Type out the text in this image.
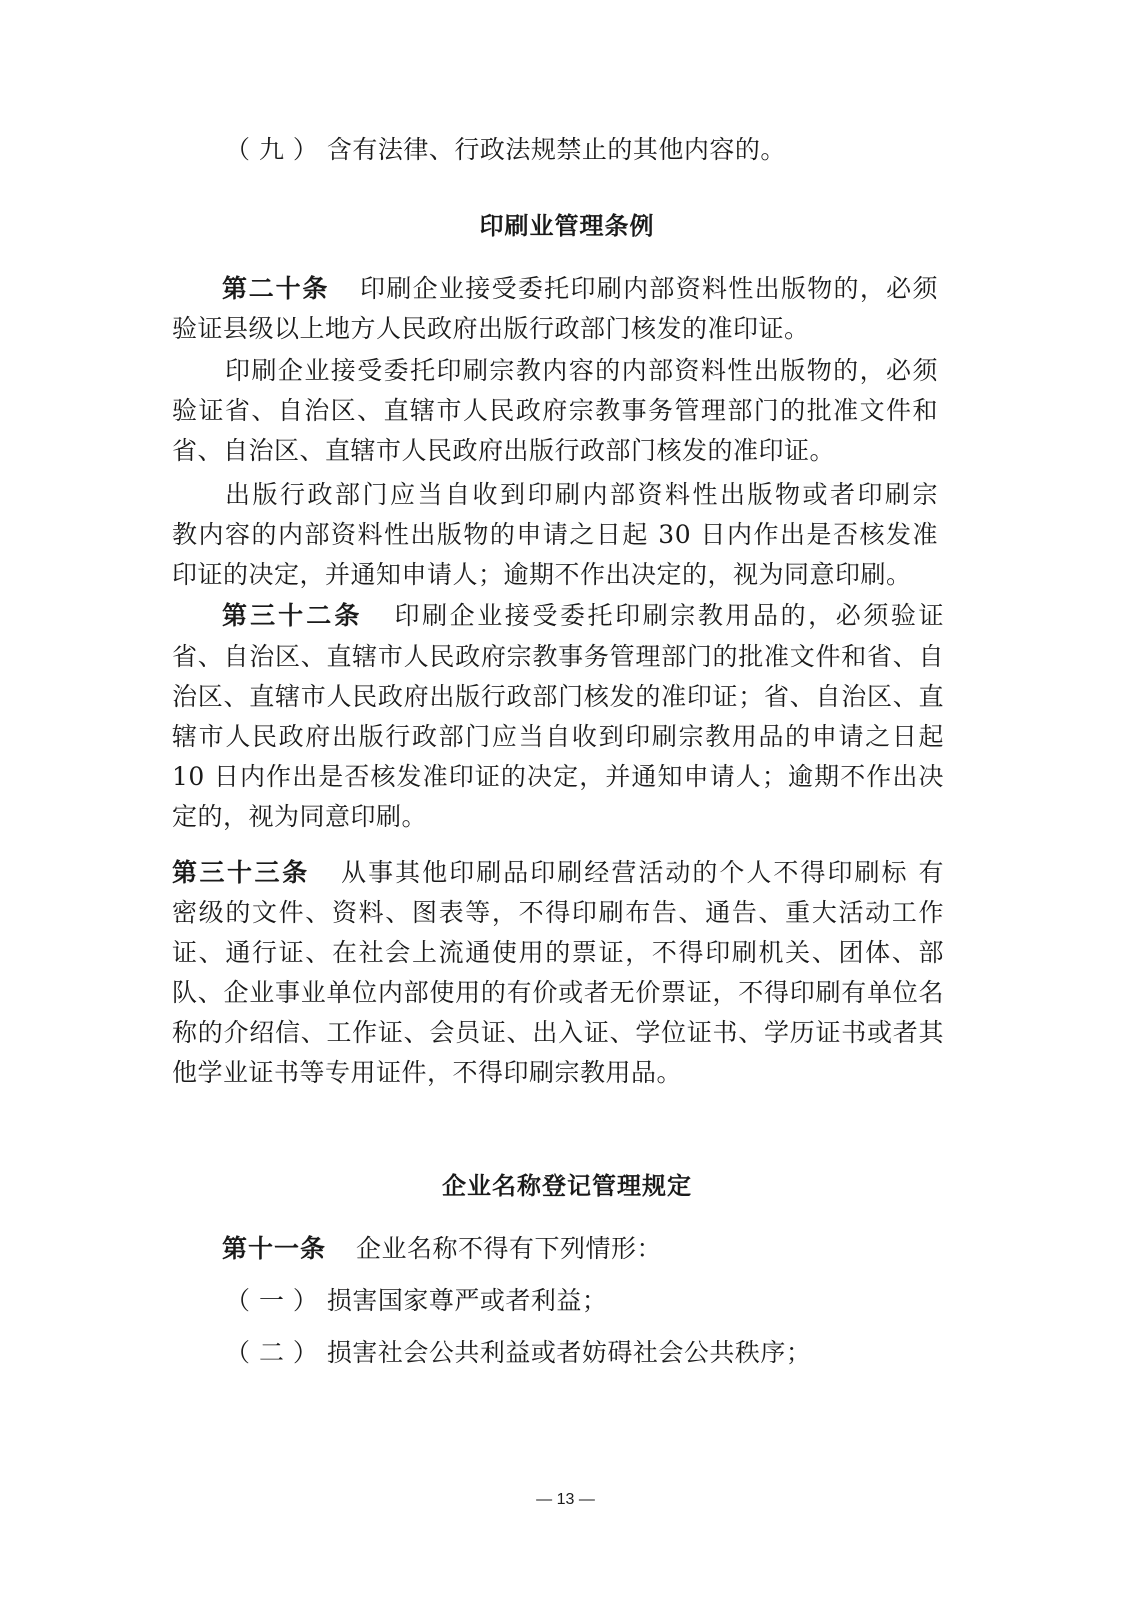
（ 九 ） 含有法律、行政法规禁止的其他内容的。
印刷业管理条例
第二十条 印刷企业接受委托印刷内部资料性出版物的，必须
验证县级以上地方人民政府出版行政部门核发的准印证。
印刷企业接受委托印刷宗教内容的内部资料性出版物的，必须
验证省、自治区、直辖市人民政府宗教事务管理部门的批准文件和
省、自治区、直辖市人民政府出版行政部门核发的准印证。
出版行政部门应当自收到印刷内部资料性出版物或者印刷宗
教内容的内部资料性出版物的申请之日起 30 日内作出是否核发准
印证的决定，并通知申请人；逾期不作出决定的，视为同意印刷。
第三十二条 印刷企业接受委托印刷宗教用品的，必须验证
省、自治区、直辖市人民政府宗教事务管理部门的批准文件和省、自
治区、直辖市人民政府出版行政部门核发的准印证；省、自治区、直
辖市人民政府出版行政部门应当自收到印刷宗教用品的申请之日起
10 日内作出是否核发准印证的决定，并通知申请人；逾期不作出决
定的，视为同意印刷。
第三十三条 从事其他印刷品印刷经营活动的个人不得印刷标 有
密级的文件、资料、图表等，不得印刷布告、通告、重大活动工作
证、通行证、在社会上流通使用的票证，不得印刷机关、团体、部
队、企业事业单位内部使用的有价或者无价票证，不得印刷有单位名
称的介绍信、工作证、会员证、出入证、学位证书、学历证书或者其
他学业证书等专用证件，不得印刷宗教用品。
企业名称登记管理规定
第十一条 企业名称不得有下列情形：
（ 一 ） 损害国家尊严或者利益；
（ 二 ） 损害社会公共利益或者妨碍社会公共秩序；
— 13 —
